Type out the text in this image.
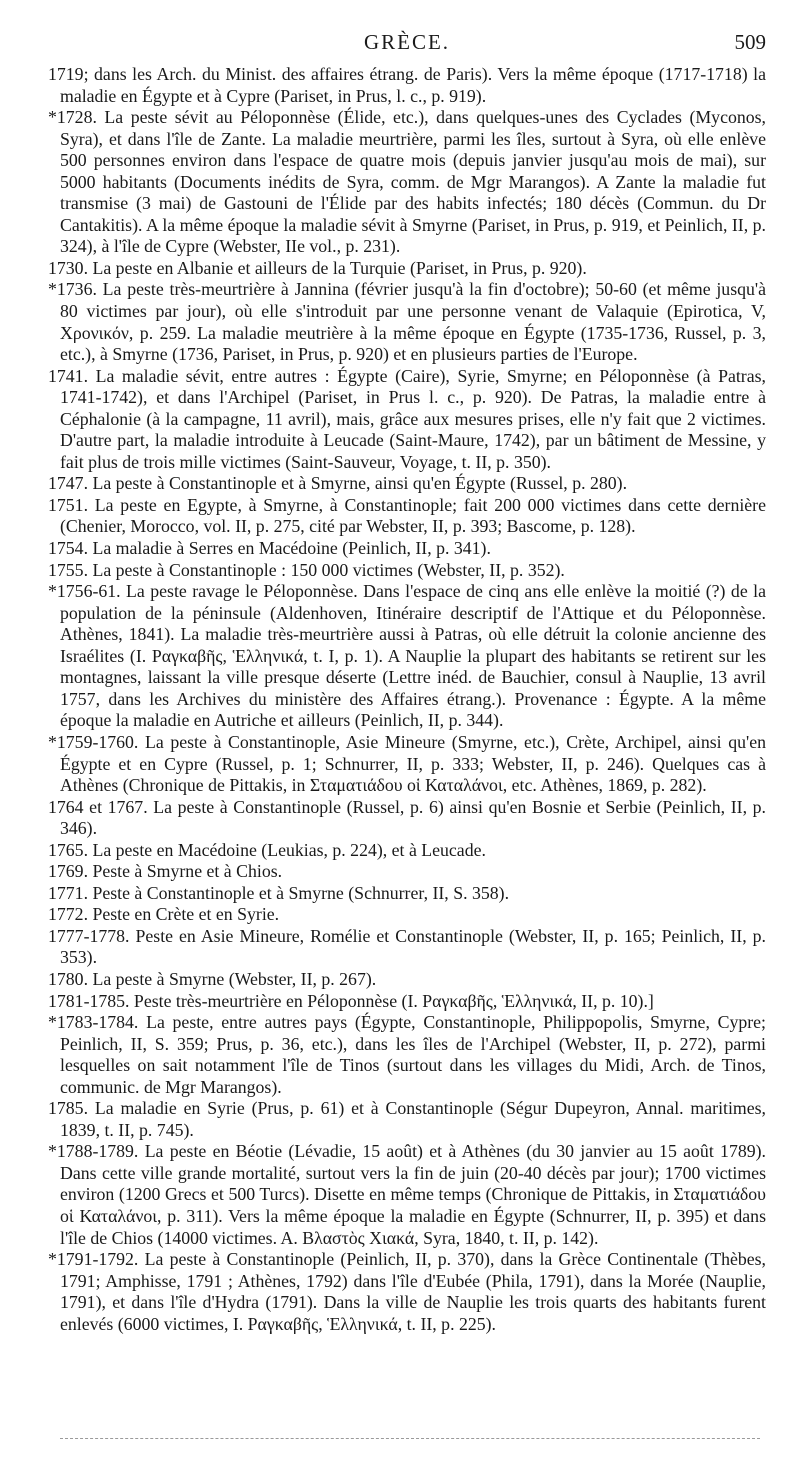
GRÈCE.	509

1719; dans les Arch. du Minist. des affaires étrang. de Paris). Vers la même époque (1717-1718) la maladie en Égypte et à Cypre (Pariset, in Prus, l. c., p. 919).

*1728. La peste sévit au Péloponnèse (Élide, etc.), dans quelques-unes des Cyclades (Myconos, Syra), et dans l'île de Zante. La maladie meurtrière, parmi les îles, surtout à Syra, où elle enlève 500 personnes environ dans l'espace de quatre mois (depuis janvier jusqu'au mois de mai), sur 5000 habitants (Documents inédits de Syra, comm. de Mgr Marangos). A Zante la maladie fut transmise (3 mai) de Gastouni de l'Élide par des habits infectés; 180 décès (Commun. du Dr Cantakitis). A la même époque la maladie sévit à Smyrne (Pariset, in Prus, p. 919, et Peinlich, II, p. 324), à l'île de Cypre (Webster, IIe vol., p. 231).

1730. La peste en Albanie et ailleurs de la Turquie (Pariset, in Prus, p. 920).

*1736. La peste très-meurtrière à Jannina (février jusqu'à la fin d'octobre); 50-60 (et même jusqu'à 80 victimes par jour), où elle s'introduit par une personne venant de Valaquie (Epirotica, V, Χρονικόν, p. 259. La maladie meutrière à la même époque en Égypte (1735-1736, Russel, p. 3, etc.), à Smyrne (1736, Pariset, in Prus, p. 920) et en plusieurs parties de l'Europe.

1741. La maladie sévit, entre autres : Égypte (Caire), Syrie, Smyrne; en Péloponnèse (à Patras, 1741-1742), et dans l'Archipel (Pariset, in Prus l. c., p. 920). De Patras, la maladie entre à Céphalonie (à la campagne, 11 avril), mais, grâce aux mesures prises, elle n'y fait que 2 victimes. D'autre part, la maladie introduite à Leucade (Saint-Maure, 1742), par un bâtiment de Messine, y fait plus de trois mille victimes (Saint-Sauveur, Voyage, t. II, p. 350).

1747. La peste à Constantinople et à Smyrne, ainsi qu'en Égypte (Russel, p. 280).

1751. La peste en Egypte, à Smyrne, à Constantinople; fait 200 000 victimes dans cette dernière (Chenier, Morocco, vol. II, p. 275, cité par Webster, II, p. 393; Bascome, p. 128).

1754. La maladie à Serres en Macédoine (Peinlich, II, p. 341).

1755. La peste à Constantinople : 150 000 victimes (Webster, II, p. 352).

*1756-61. La peste ravage le Péloponnèse. Dans l'espace de cinq ans elle enlève la moitié (?) de la population de la péninsule (Aldenhoven, Itinéraire descriptif de l'Attique et du Péloponnèse. Athènes, 1841). La maladie très-meurtrière aussi à Patras, où elle détruit la colonie ancienne des Israélites (I. Ραγκαβῆς, Ἑλληνικά, t. I, p. 1). A Nauplie la plupart des habitants se retirent sur les montagnes, laissant la ville presque déserte (Lettre inéd. de Bauchier, consul à Nauplie, 13 avril 1757, dans les Archives du ministère des Affaires étrang.). Provenance : Égypte. A la même époque la maladie en Autriche et ailleurs (Peinlich, II, p. 344).

*1759-1760. La peste à Constantinople, Asie Mineure (Smyrne, etc.), Crète, Archipel, ainsi qu'en Égypte et en Cypre (Russel, p. 1; Schnurrer, II, p. 333; Webster, II, p. 246). Quelques cas à Athènes (Chronique de Pittakis, in Σταματιάδου οἱ Καταλάνοι, etc. Athènes, 1869, p. 282).

1764 et 1767. La peste à Constantinople (Russel, p. 6) ainsi qu'en Bosnie et Serbie (Peinlich, II, p. 346).

1765. La peste en Macédoine (Leukias, p. 224), et à Leucade.

1769. Peste à Smyrne et à Chios.

1771. Peste à Constantinople et à Smyrne (Schnurrer, II, S. 358).

1772. Peste en Crète et en Syrie.

1777-1778. Peste en Asie Mineure, Romélie et Constantinople (Webster, II, p. 165; Peinlich, II, p. 353).

1780. La peste à Smyrne (Webster, II, p. 267).

1781-1785. Peste très-meurtrière en Péloponnèse (I. Ραγκαβῆς, Ἑλληνικά, II, p. 10).]

*1783-1784. La peste, entre autres pays (Égypte, Constantinople, Philippopolis, Smyrne, Cypre; Peinlich, II, S. 359; Prus, p. 36, etc.), dans les îles de l'Archipel (Webster, II, p. 272), parmi lesquelles on sait notamment l'île de Tinos (surtout dans les villages du Midi, Arch. de Tinos, communic. de Mgr Marangos).

1785. La maladie en Syrie (Prus, p. 61) et à Constantinople (Ségur Dupeyron, Annal. maritimes, 1839, t. II, p. 745).

*1788-1789. La peste en Béotie (Lévadie, 15 août) et à Athènes (du 30 janvier au 15 août 1789). Dans cette ville grande mortalité, surtout vers la fin de juin (20-40 décès par jour); 1700 victimes environ (1200 Grecs et 500 Turcs). Disette en même temps (Chronique de Pittakis, in Σταματιάδου οἱ Καταλάνοι, p. 311). Vers la même époque la maladie en Égypte (Schnurrer, II, p. 395) et dans l'île de Chios (14000 victimes. A. Βλαστὸς Χιακά, Syra, 1840, t. II, p. 142).

*1791-1792. La peste à Constantinople (Peinlich, II, p. 370), dans la Grèce Continentale (Thèbes, 1791; Amphisse, 1791 ; Athènes, 1792) dans l'île d'Eubée (Phila, 1791), dans la Morée (Nauplie, 1791), et dans l'île d'Hydra (1791). Dans la ville de Nauplie les trois quarts des habitants furent enlevés (6000 victimes, I. Ραγκαβῆς, Ἑλληνικά, t. II, p. 225).
